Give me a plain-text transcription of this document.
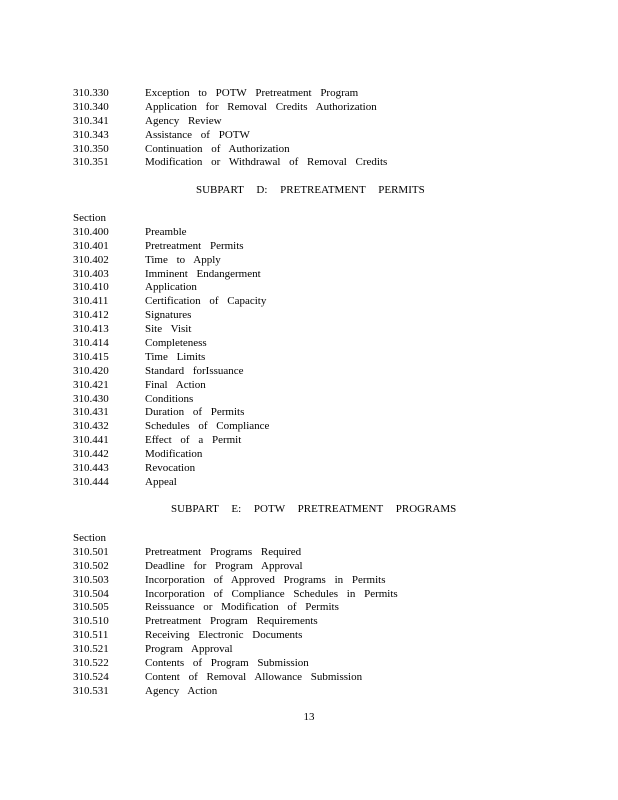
310.330	Exception to POTW Pretreatment Program
310.340	Application for Removal Credits Authorization
310.341	Agency Review
310.343	Assistance of POTW
310.350	Continuation of Authorization
310.351	Modification or Withdrawal of Removal Credits
SUBPART D: PRETREATMENT PERMITS
Section
310.400	Preamble
310.401	Pretreatment Permits
310.402	Time to Apply
310.403	Imminent Endangerment
310.410	Application
310.411	Certification of Capacity
310.412	Signatures
310.413	Site Visit
310.414	Completeness
310.415	Time Limits
310.420	Standard forIssuance
310.421	Final Action
310.430	Conditions
310.431	Duration of Permits
310.432	Schedules of Compliance
310.441	Effect of a Permit
310.442	Modification
310.443	Revocation
310.444	Appeal
SUBPART E: POTW PRETREATMENT PROGRAMS
Section
310.501	Pretreatment Programs Required
310.502	Deadline for Program Approval
310.503	Incorporation of Approved Programs in Permits
310.504	Incorporation of Compliance Schedules in Permits
310.505	Reissuance or Modification of Permits
310.510	Pretreatment Program Requirements
310.511	Receiving Electronic Documents
310.521	Program Approval
310.522	Contents of Program Submission
310.524	Content of Removal Allowance Submission
310.531	Agency Action
13
